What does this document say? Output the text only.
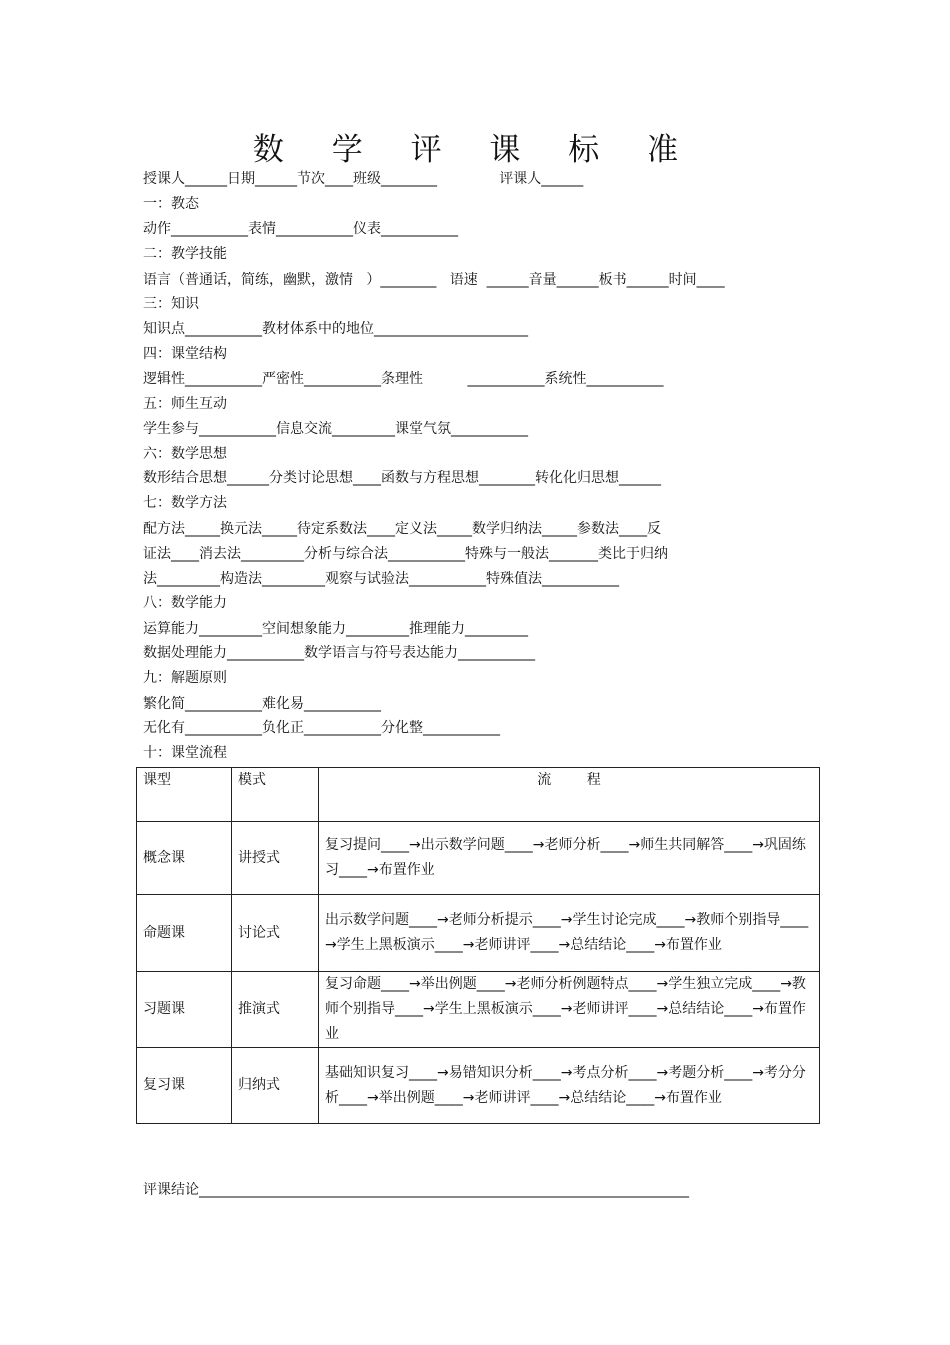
数 学 评 课 标 准
授课人______日期______节次____班级________              评课人______
一：教态
动作___________表情___________仪表___________
二：教学技能
语言（普通话，简练，幽默，激情   ）________   语速  ______音量______板书______时间____
三：知识
知识点___________教材体系中的地位______________________
四：课堂结构
逻辑性___________严密性___________条理性          ___________系统性___________
五：师生互动
学生参与___________信息交流_________课堂气氛___________
六：数学思想
数形结合思想______分类讨论思想____函数与方程思想________转化化归思想______
七：数学方法
配方法_____换元法_____待定系数法____定义法_____数学归纳法_____参数法____反
证法____消去法_________分析与综合法___________特殊与一般法_______类比于归纳
法_________构造法_________观察与试验法___________特殊值法___________
八：数学能力
运算能力_________空间想象能力_________推理能力_________
数据处理能力___________数学语言与符号表达能力___________
九：解题原则
繁化简___________难化易___________
无化有___________负化正___________分化整___________
十：课堂流程
课型	模式	流        程
概念课	讲授式	复习提问____→出示数学问题____→老师分析____→师生共同解答____→巩固练习____→布置作业
命题课	讨论式	出示数学问题____→老师分析提示____→学生讨论完成____→教师个别指导____→学生上黑板演示____→老师讲评____→总结结论____→布置作业
习题课	推演式	复习命题____→举出例题____→老师分析例题特点____→学生独立完成____→教师个别指导____→学生上黑板演示____→老师讲评____→总结结论____→布置作业
复习课	归纳式	基础知识复习____→易错知识分析____→考点分析____→考题分析____→考分分析____→举出例题____→老师讲评____→总结结论____→布置作业
评课结论______________________________________________________________________
